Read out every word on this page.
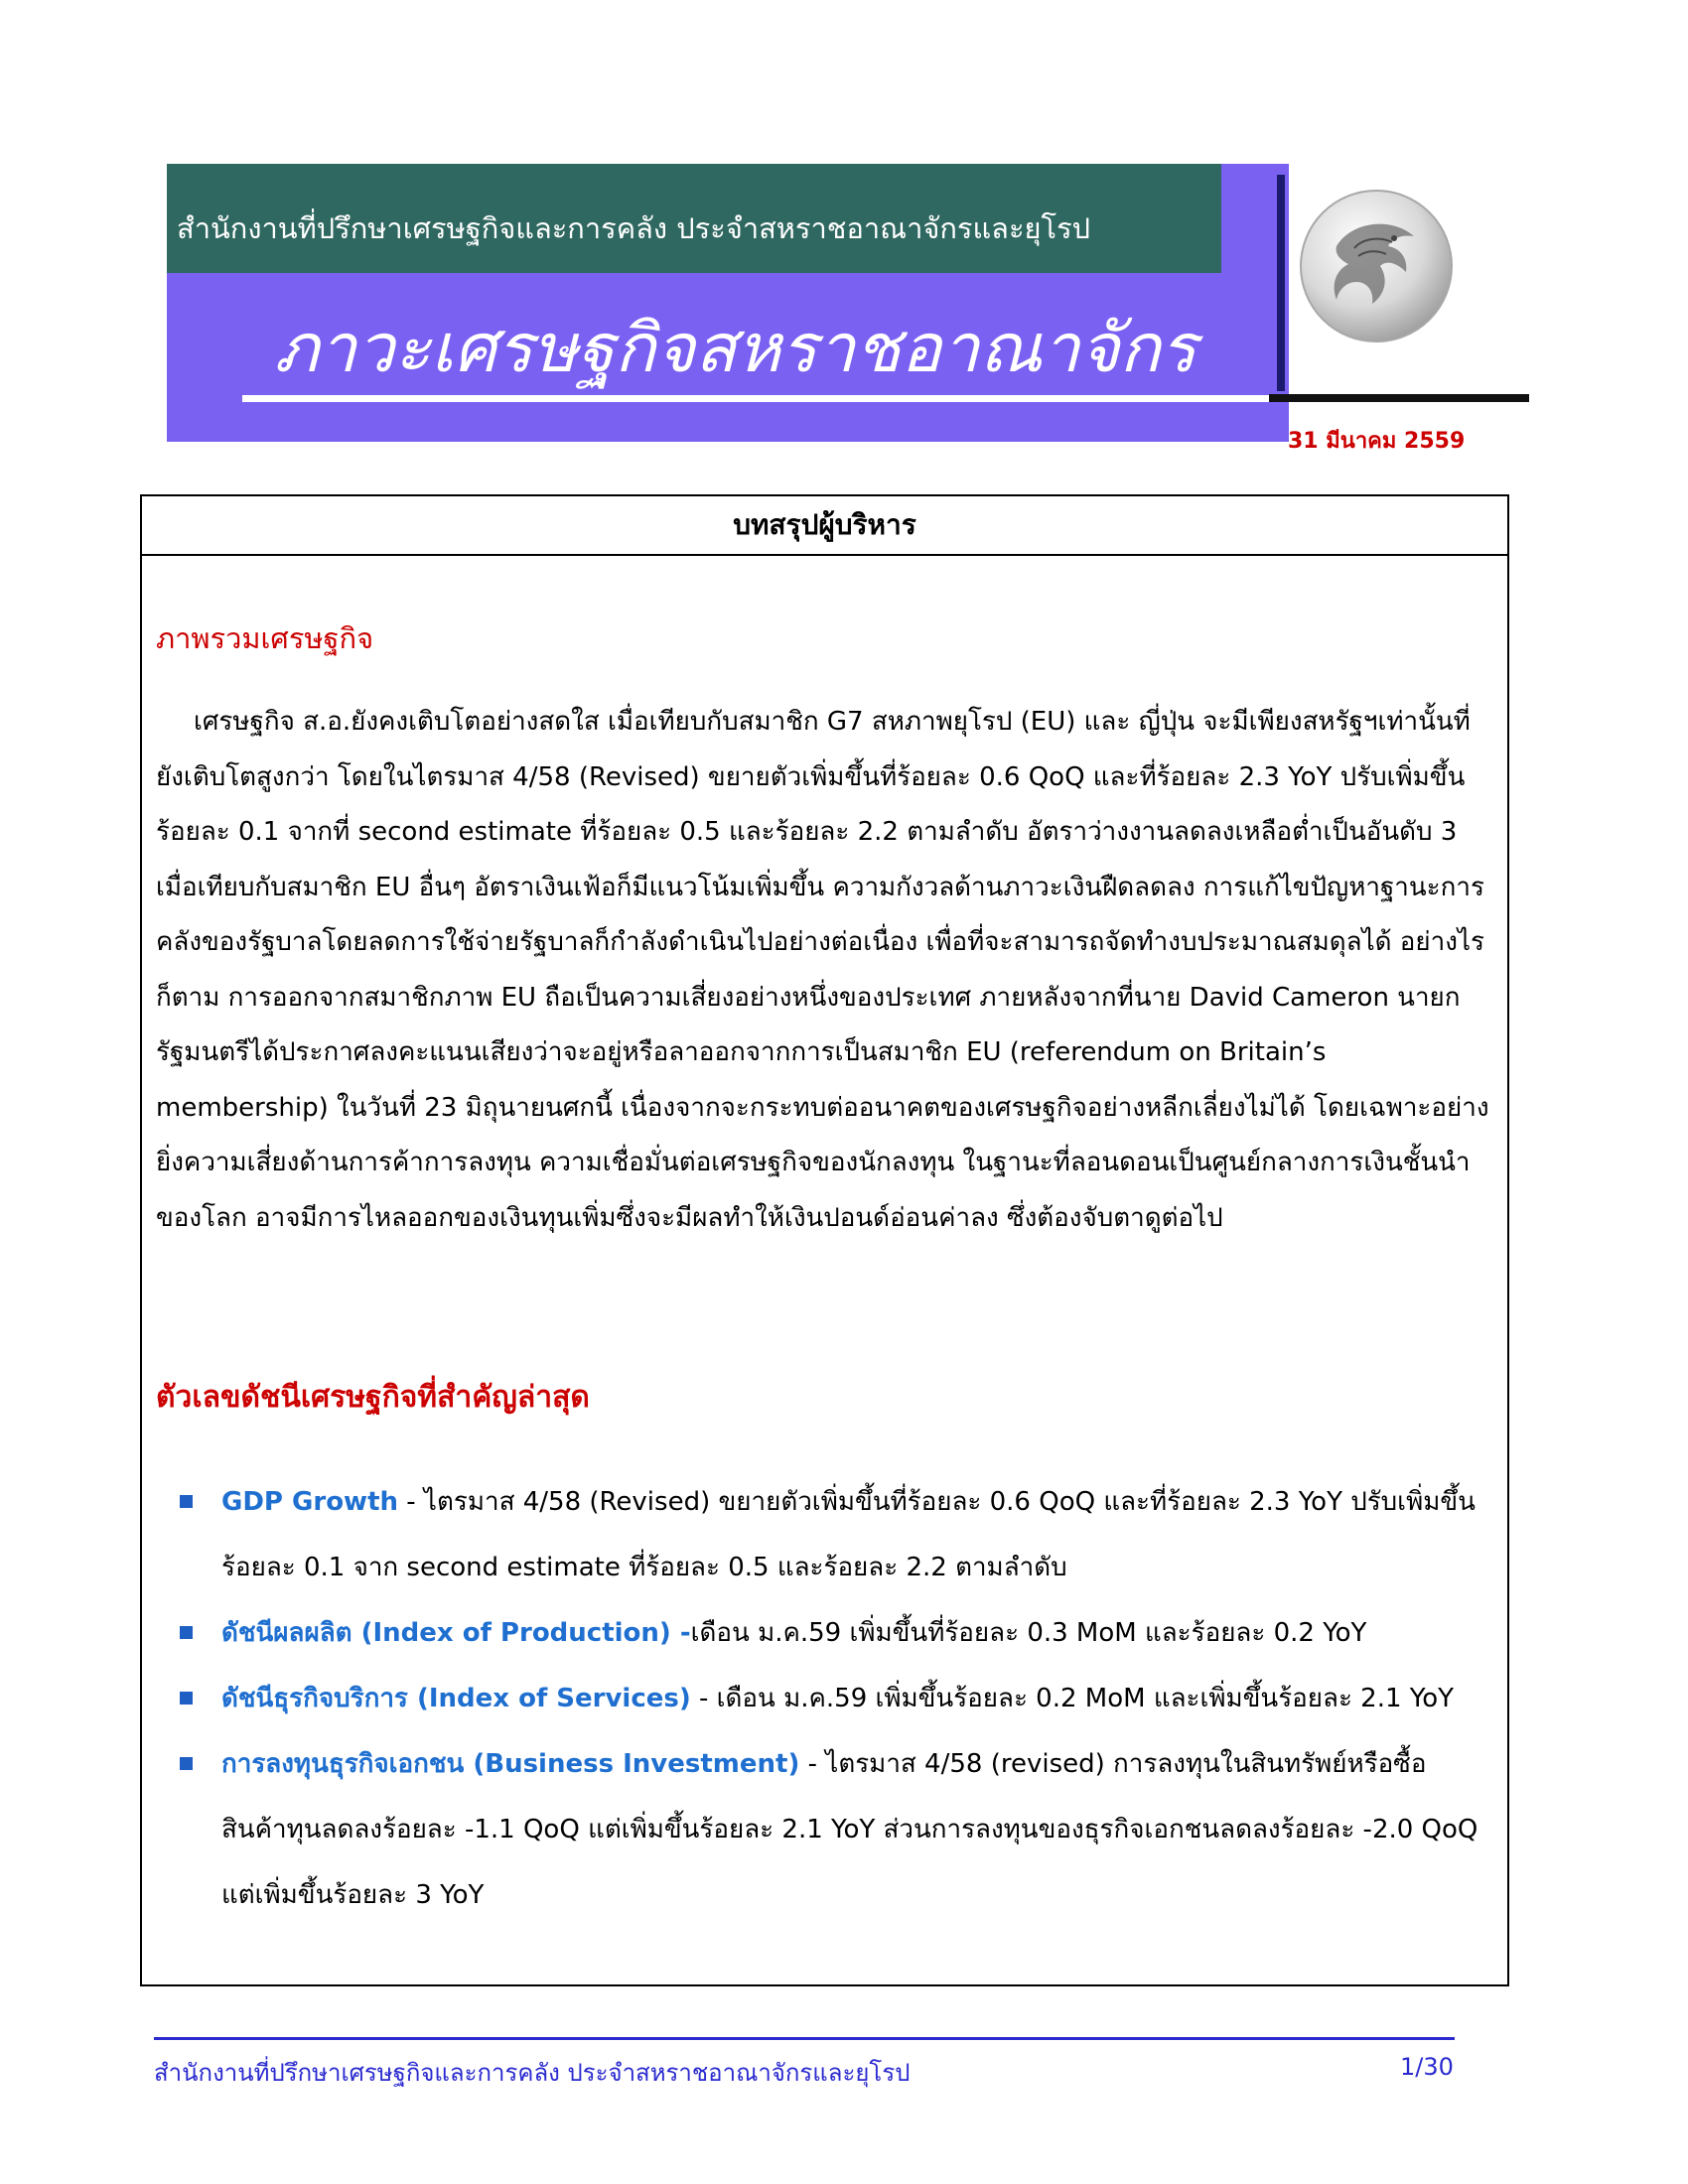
สำนักงานที่ปรึกษาเศรษฐกิจและการคลัง ประจำสหราชอาณาจักรและยุโรป
ภาวะเศรษฐกิจสหราชอาณาจักร
31 มีนาคม 2559
บทสรุปผู้บริหาร
ภาพรวมเศรษฐกิจ
เศรษฐกิจ ส.อ.ยังคงเติบโตอย่างสดใส เมื่อเทียบกับสมาชิก G7 สหภาพยุโรป (EU) และ ญี่ปุ่น จะมีเพียงสหรัฐฯเท่านั้นที่ยังเติบโตสูงกว่า โดยในไตรมาส 4/58 (Revised) ขยายตัวเพิ่มขึ้นที่ร้อยละ 0.6 QoQ และที่ร้อยละ 2.3 YoY ปรับเพิ่มขึ้นร้อยละ 0.1 จากที่ second estimate ที่ร้อยละ 0.5 และร้อยละ 2.2 ตามลำดับ อัตราว่างงานลดลงเหลือต่ำเป็นอันดับ 3 เมื่อเทียบกับสมาชิก EU อื่นๆ อัตราเงินเฟ้อก็มีแนวโน้มเพิ่มขึ้น ความกังวลด้านภาวะเงินฝืดลดลง การแก้ไขปัญหาฐานะการคลังของรัฐบาลโดยลดการใช้จ่ายรัฐบาลก็กำลังดำเนินไปอย่างต่อเนื่อง เพื่อที่จะสามารถจัดทำงบประมาณสมดุลได้ อย่างไรก็ตาม การออกจากสมาชิกภาพ EU ถือเป็นความเสี่ยงอย่างหนึ่งของประเทศ ภายหลังจากที่นาย David Cameron นายกรัฐมนตรีได้ประกาศลงคะแนนเสียงว่าจะอยู่หรือลาออกจากการเป็นสมาชิก EU (referendum on Britain’s membership) ในวันที่ 23 มิถุนายนศกนี้ เนื่องจากจะกระทบต่ออนาคตของเศรษฐกิจอย่างหลีกเลี่ยงไม่ได้ โดยเฉพาะอย่างยิ่งความเสี่ยงด้านการค้าการลงทุน ความเชื่อมั่นต่อเศรษฐกิจของนักลงทุน ในฐานะที่ลอนดอนเป็นศูนย์กลางการเงินชั้นนำของโลก อาจมีการไหลออกของเงินทุนเพิ่มซึ่งจะมีผลทำให้เงินปอนด์อ่อนค่าลง ซึ่งต้องจับตาดูต่อไป
ตัวเลขดัชนีเศรษฐกิจที่สำคัญล่าสุด
GDP Growth - ไตรมาส 4/58 (Revised) ขยายตัวเพิ่มขึ้นที่ร้อยละ 0.6 QoQ และที่ร้อยละ 2.3 YoY ปรับเพิ่มขึ้นร้อยละ 0.1 จาก second estimate ที่ร้อยละ 0.5 และร้อยละ 2.2 ตามลำดับ
ดัชนีผลผลิต (Index of Production) -เดือน ม.ค.59 เพิ่มขึ้นที่ร้อยละ 0.3 MoM และร้อยละ 0.2 YoY
ดัชนีธุรกิจบริการ (Index of Services) - เดือน ม.ค.59 เพิ่มขึ้นร้อยละ 0.2 MoM และเพิ่มขึ้นร้อยละ 2.1 YoY
การลงทุนธุรกิจเอกชน (Business Investment) - ไตรมาส 4/58 (revised) การลงทุนในสินทรัพย์หรือซื้อสินค้าทุนลดลงร้อยละ -1.1 QoQ แต่เพิ่มขึ้นร้อยละ 2.1 YoY ส่วนการลงทุนของธุรกิจเอกชนลดลงร้อยละ -2.0 QoQ แต่เพิ่มขึ้นร้อยละ 3 YoY
สำนักงานที่ปรึกษาเศรษฐกิจและการคลัง ประจำสหราชอาณาจักรและยุโรป	1/30
